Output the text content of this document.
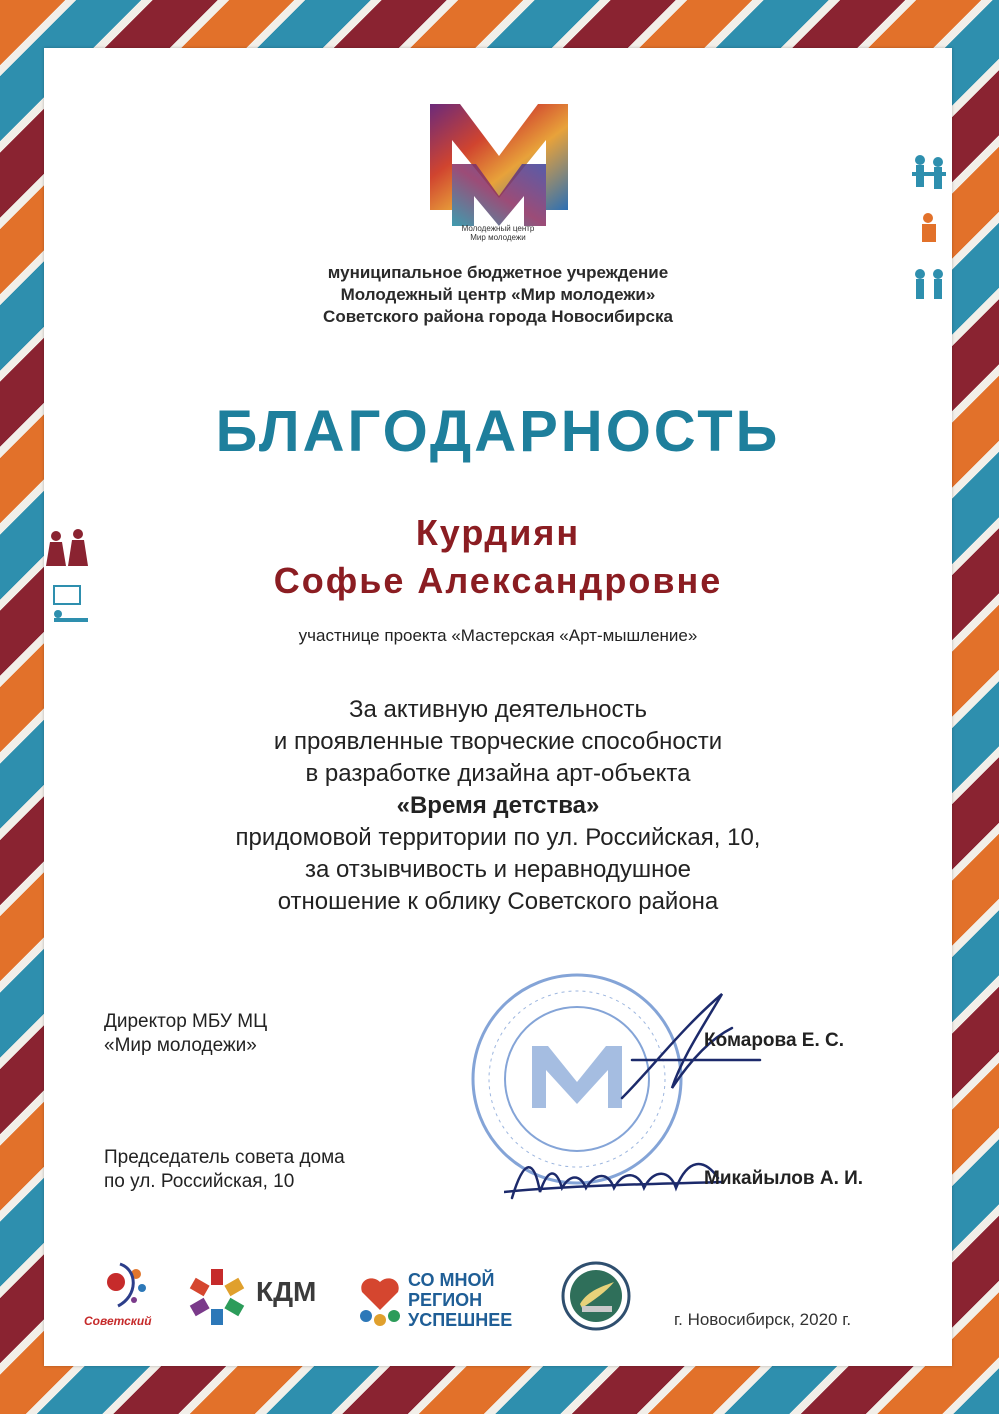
Молодежный центр
Мир молодежи
муниципальное бюджетное учреждение
Молодежный центр «Мир молодежи»
Советского района города Новосибирска
БЛАГОДАРНОСТЬ
Курдиян
Софье Александровне
участнице проекта «Мастерская «Арт-мышление»
За активную деятельность
и проявленные творческие способности
в разработке дизайна арт-объекта
«Время детства»
придомовой территории по ул. Российская, 10,
за отзывчивость и неравнодушное
отношение к облику Советского района
Директор МБУ МЦ
«Мир молодежи»	Комарова Е. С.
Председатель совета дома
по ул. Российская, 10	Микайылов А. И.
Советский
КДМ	СО МНОЙ
РЕГИОН
УСПЕШНЕЕ	г. Новосибирск, 2020 г.
